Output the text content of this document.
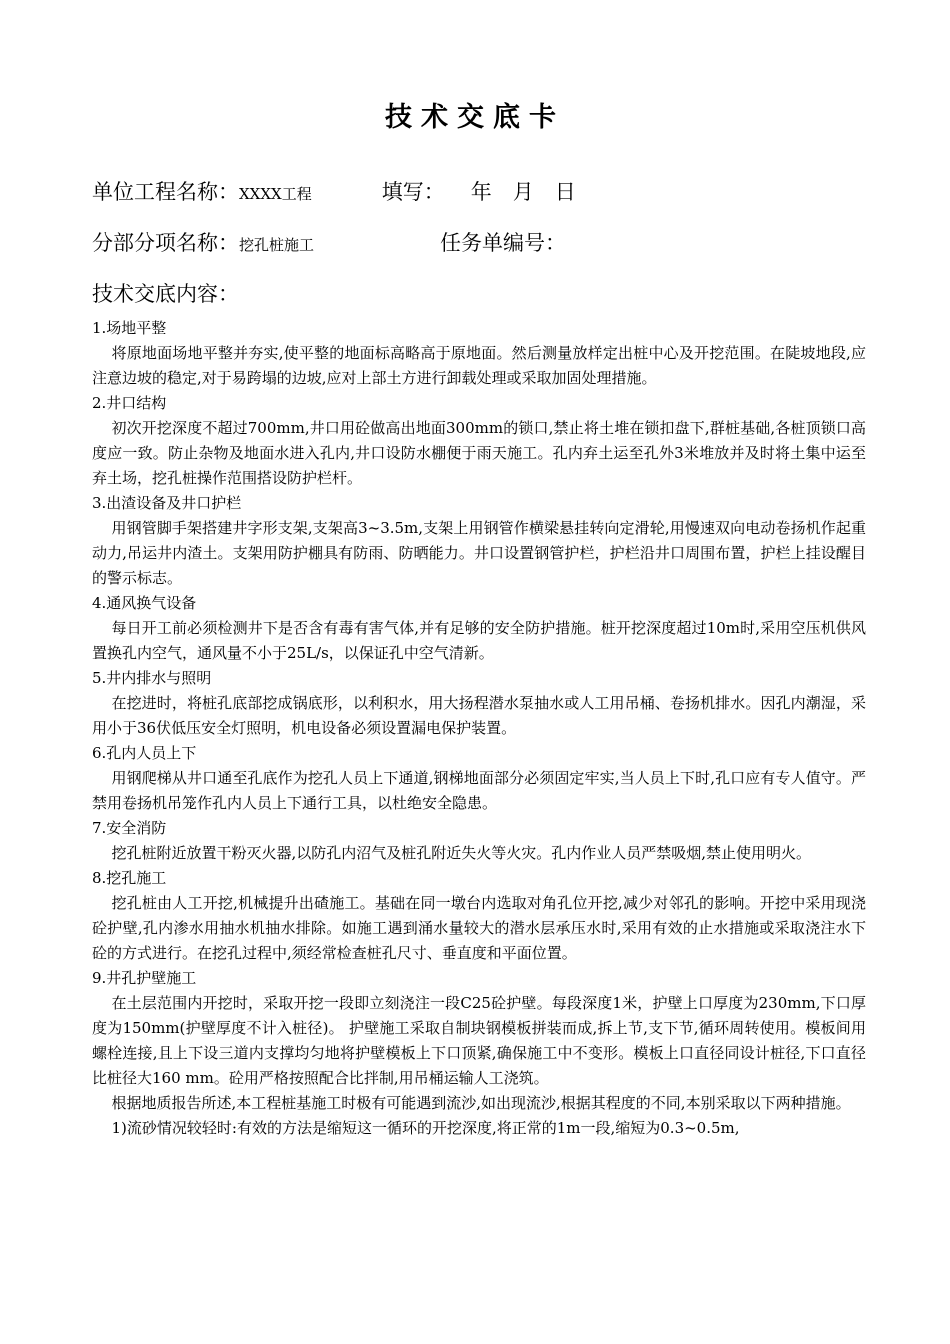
技术交底卡
单位工程名称：XXXX工程	填写： 年　月　日
分部分项名称：挖孔桩施工	任务单编号：
技术交底内容：
1.场地平整
将原地面场地平整并夯实,使平整的地面标高略高于原地面。然后测量放样定出桩中心及开挖范围。在陡坡地段,应注意边坡的稳定,对于易跨塌的边坡,应对上部土方进行卸载处理或采取加固处理措施。
2.井口结构
初次开挖深度不超过700mm,井口用砼做高出地面300mm的锁口,禁止将土堆在锁扣盘下,群桩基础,各桩顶锁口高度应一致。防止杂物及地面水进入孔内,井口设防水棚便于雨天施工。孔内弃土运至孔外3米堆放并及时将土集中运至弃土场，挖孔桩操作范围搭设防护栏杆。
3.出渣设备及井口护栏
用钢管脚手架搭建井字形支架,支架高3~3.5m,支架上用钢管作横梁悬挂转向定滑轮,用慢速双向电动卷扬机作起重动力,吊运井内渣土。支架用防护棚具有防雨、防晒能力。井口设置钢管护栏，护栏沿井口周围布置，护栏上挂设醒目的警示标志。
4.通风换气设备
每日开工前必须检测井下是否含有毒有害气体,并有足够的安全防护措施。桩开挖深度超过10m时,采用空压机供风置换孔内空气，通风量不小于25L/s，以保证孔中空气清新。
5.井内排水与照明
在挖进时，将桩孔底部挖成锅底形，以利积水，用大扬程潜水泵抽水或人工用吊桶、卷扬机排水。因孔内潮湿，采用小于36伏低压安全灯照明，机电设备必须设置漏电保护装置。
6.孔内人员上下
用钢爬梯从井口通至孔底作为挖孔人员上下通道,钢梯地面部分必须固定牢实,当人员上下时,孔口应有专人值守。严禁用卷扬机吊笼作孔内人员上下通行工具，以杜绝安全隐患。
7.安全消防
挖孔桩附近放置干粉灭火器,以防孔内沼气及桩孔附近失火等火灾。孔内作业人员严禁吸烟,禁止使用明火。
8.挖孔施工
挖孔桩由人工开挖,机械提升出碴施工。基础在同一墩台内选取对角孔位开挖,减少对邻孔的影响。开挖中采用现浇砼护壁,孔内渗水用抽水机抽水排除。如施工遇到涌水量较大的潜水层承压水时,采用有效的止水措施或采取浇注水下砼的方式进行。在挖孔过程中,须经常检查桩孔尺寸、垂直度和平面位置。
9.井孔护壁施工
在土层范围内开挖时，采取开挖一段即立刻浇注一段C25砼护壁。每段深度1米，护壁上口厚度为230mm,下口厚度为150mm(护壁厚度不计入桩径)。 护壁施工采取自制块钢模板拼装而成,拆上节,支下节,循环周转使用。模板间用螺栓连接,且上下设三道内支撑均匀地将护壁模板上下口顶紧,确保施工中不变形。模板上口直径同设计桩径,下口直径比桩径大160 mm。砼用严格按照配合比拌制,用吊桶运输人工浇筑。
根据地质报告所述,本工程桩基施工时极有可能遇到流沙,如出现流沙,根据其程度的不同,本别采取以下两种措施。
1)流砂情况较轻时:有效的方法是缩短这一循环的开挖深度,将正常的1m一段,缩短为0.3~0.5m,
